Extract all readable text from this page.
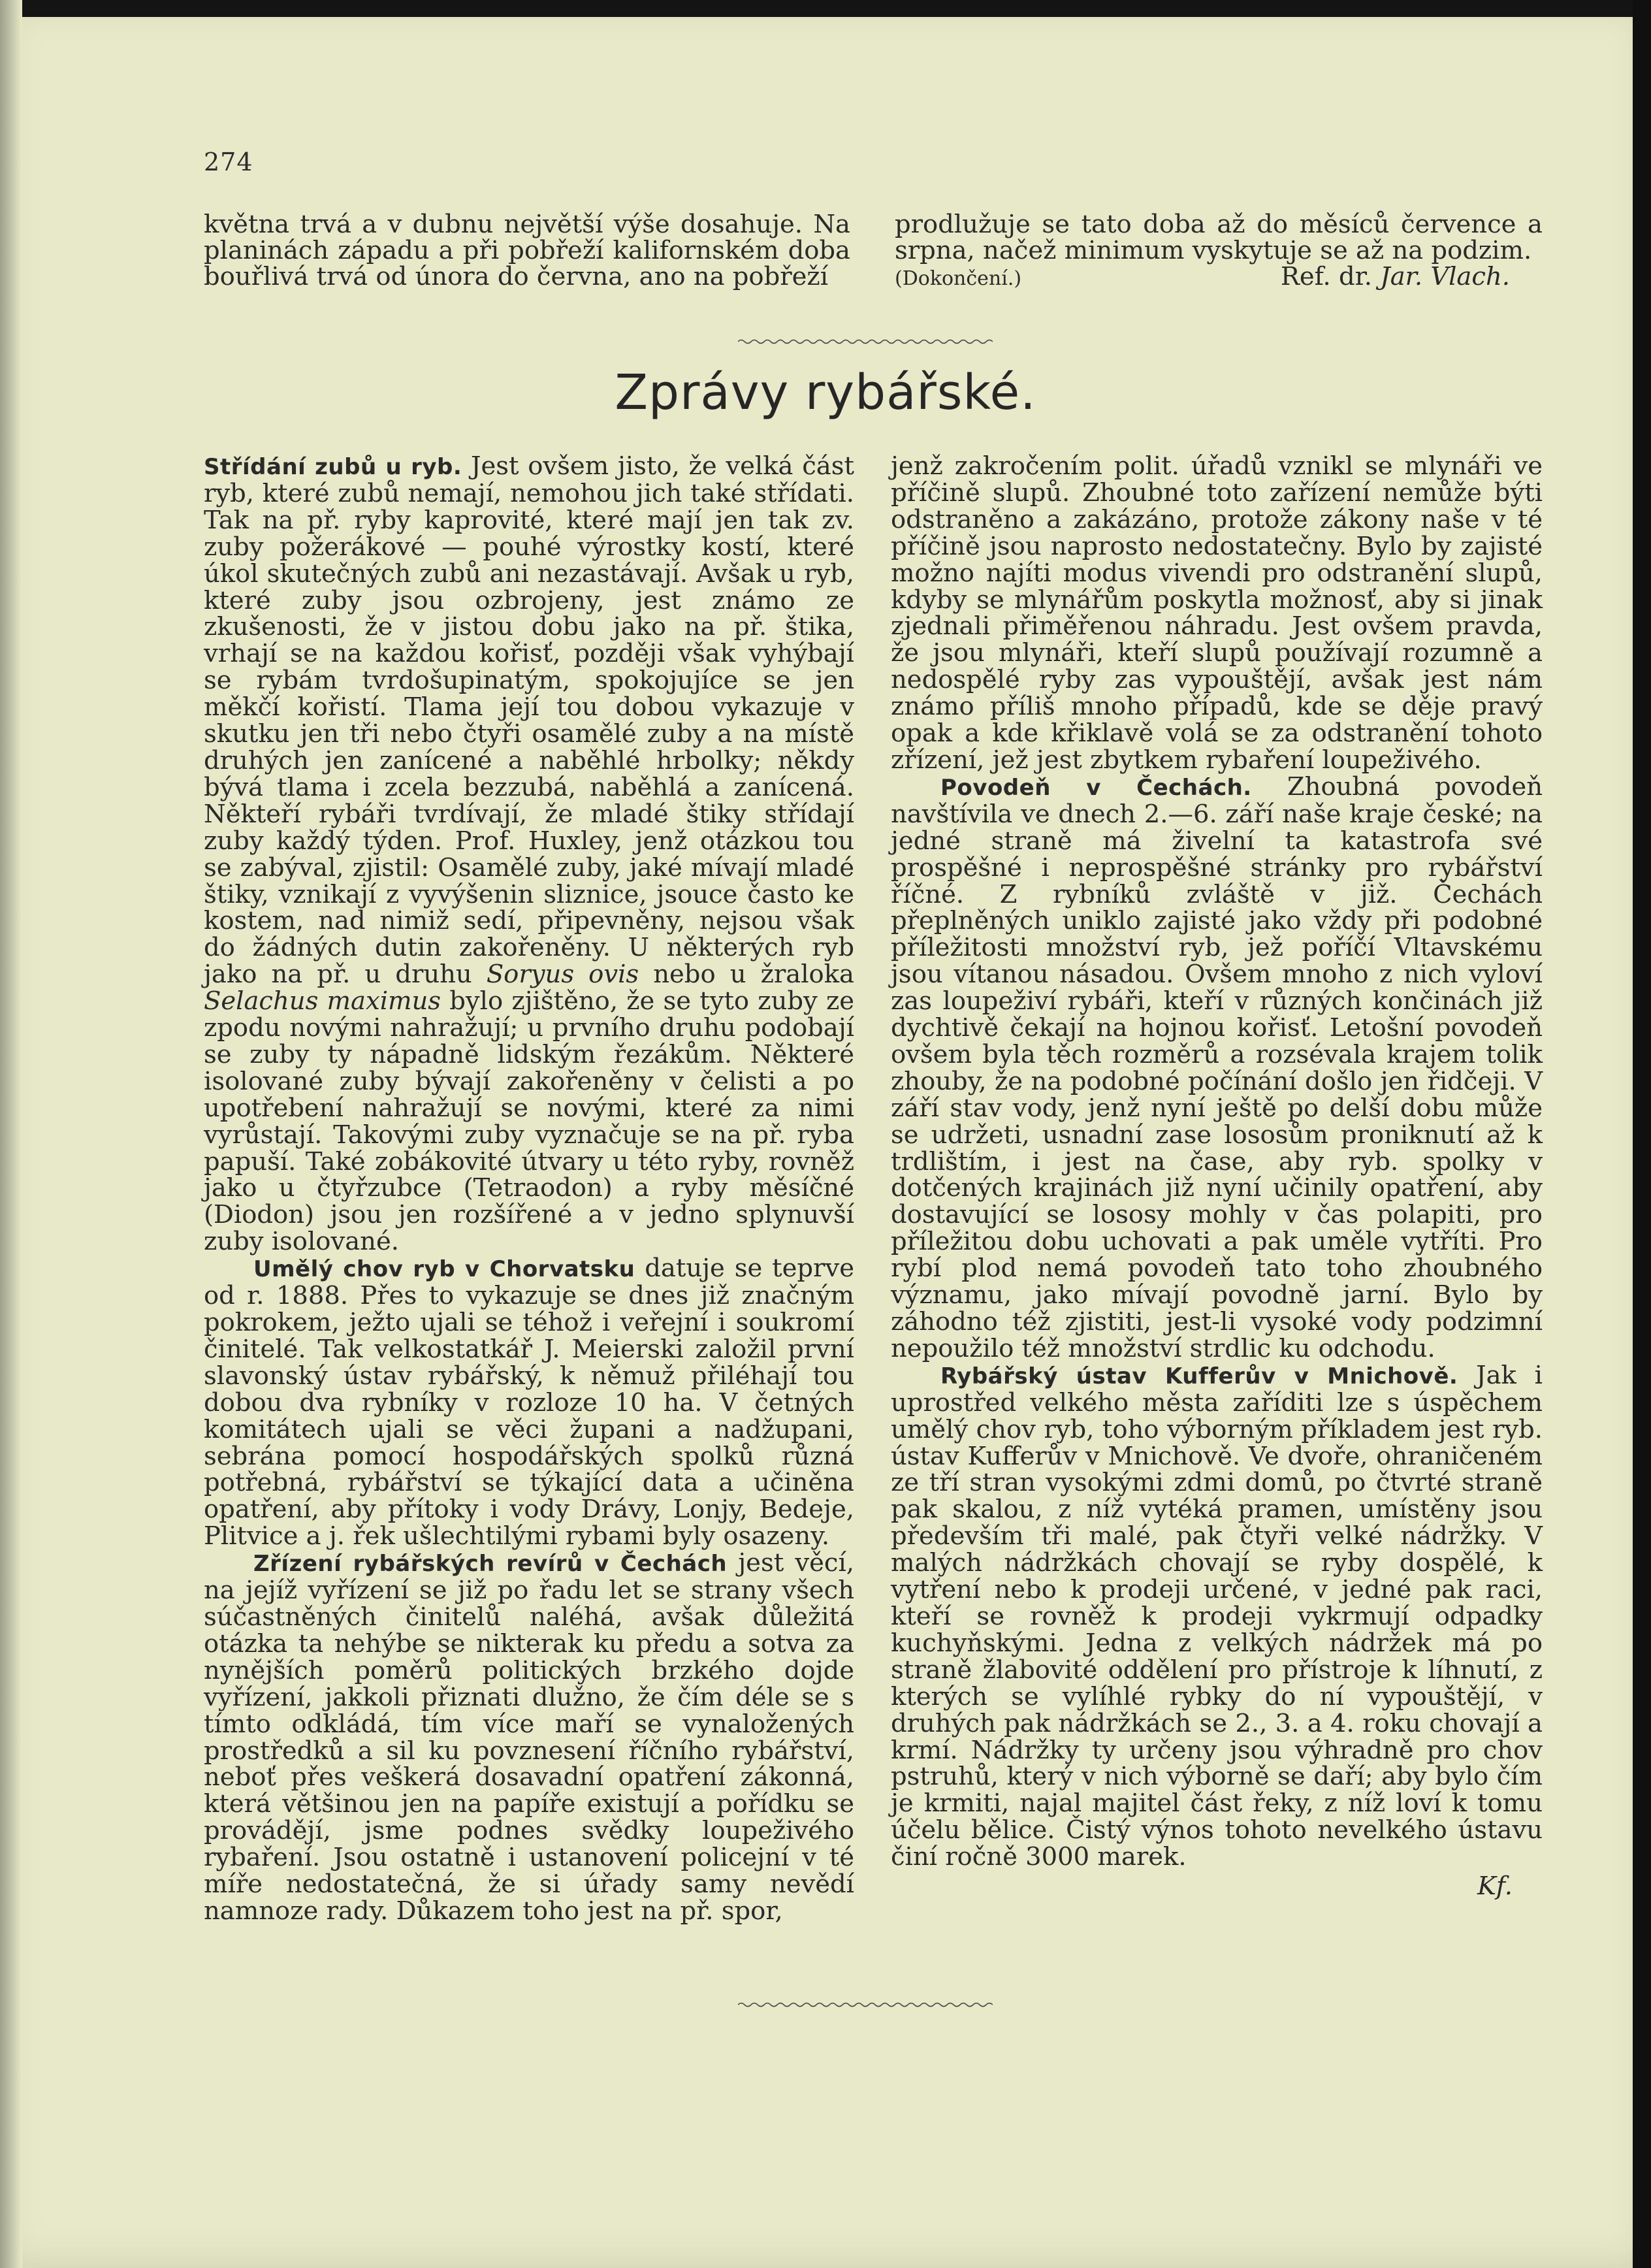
274

května trvá a v dubnu největší výše dosahuje. Na planinách západu a při pobřeží kalifornském doba bouřlivá trvá od února do června, ano na pobřeží

prodlužuje se tato doba až do měsíců července a srpna, načež minimum vyskytuje se až na podzim.

(Dokončení.)	Ref. dr. Jar. Vlach.
Zprávy rybářské.

Střídání zubů u ryb. Jest ovšem jisto, že velká část ryb, které zubů nemají, nemohou jich také střídati. Tak na př. ryby kaprovité, které mají jen tak zv. zuby požerákové — pouhé výrostky kostí, které úkol skutečných zubů ani nezastávají. Avšak u ryb, které zuby jsou ozbrojeny, jest známo ze zkušenosti, že v jistou dobu jako na př. štika, vrhají se na každou kořisť, později však vyhýbají se rybám tvrdošupinatým, spokojujíce se jen měkčí kořistí. Tlama její tou dobou vykazuje v skutku jen tři nebo čtyři osamělé zuby a na místě druhých jen zanícené a naběhlé hrbolky; někdy bývá tlama i zcela bezzubá, naběhlá a zanícená. Někteří rybáři tvrdívají, že mladé štiky střídají zuby každý týden. Prof. Huxley, jenž otázkou tou se zabýval, zjistil: Osamělé zuby, jaké mívají mladé štiky, vznikají z vyvýšenin sliznice, jsouce často ke kostem, nad nimiž sedí, připevněny, nejsou však do žádných dutin zakořeněny. U některých ryb jako na př. u druhu Soryus ovis nebo u žraloka Selachus maximus bylo zjištěno, že se tyto zuby ze zpodu novými nahražují; u prvního druhu podobají se zuby ty nápadně lidským řezákům. Některé isolované zuby bývají zakořeněny v čelisti a po upotřebení nahražují se novými, které za nimi vyrůstají. Takovými zuby vyznačuje se na př. ryba papuší. Také zobákovité útvary u této ryby, rovněž jako u čtyřzubce (Tetraodon) a ryby měsíčné (Diodon) jsou jen rozšířené a v jedno splynuvší zuby isolované.

Umělý chov ryb v Chorvatsku datuje se teprve od r. 1888. Přes to vykazuje se dnes již značným pokrokem, ježto ujali se téhož i veřejní i soukromí činitelé. Tak velkostatkář J. Meierski založil první slavonský ústav rybářský, k němuž přiléhají tou dobou dva rybníky v rozloze 10 ha. V četných komitátech ujali se věci županі a nadžupani, sebrána pomocí hospodářských spolků různá potřebná, rybářství se týkající data a učiněna opatření, aby přítoky i vody Drávy, Lonjy, Bedeje, Plitvice a j. řek ušlechtilými rybami byly osazeny.

Zřízení rybářských revírů v Čechách jest věcí, na jejíž vyřízení se již po řadu let se strany všech súčastněných činitelů naléhá, avšak důležitá otázka ta nehýbe se nikterak ku předu a sotva za nynějších poměrů politických brzkého dojde vyřízení, jakkoli přiznati dlužno, že čím déle se s tímto odkládá, tím více maří se vynaložených prostředků a sil ku povznesení říčního rybářství, neboť přes veškerá dosavadní opatření zákonná, která většinou jen na papíře existují a pořídku se provádějí, jsme podnes svědky loupeživého rybaření. Jsou ostatně i ustanovení policejní v té míře nedostatečná, že si úřady samy nevědí namnoze rady. Důkazem toho jest na př. spor,

jenž zakročením polit. úřadů vznikl se mlynáři ve příčině slupů. Zhoubné toto zařízení nemůže býti odstraněno a zakázáno, protože zákony naše v té příčině jsou naprosto nedostatečny. Bylo by zajisté možno najíti modus vivendi pro odstranění slupů, kdyby se mlynářům poskytla možnosť, aby si jinak zjednali přiměřenou náhradu. Jest ovšem pravda, že jsou mlynáři, kteří slupů používají rozumně a nedospělé ryby zas vypouštějí, avšak jest nám známo příliš mnoho případů, kde se děje pravý opak a kde křiklavě volá se za odstranění tohoto zřízení, jež jest zbytkem rybaření loupeživého.

Povodeň v Čechách. Zhoubná povodeň navštívila ve dnech 2.—6. září naše kraje české; na jedné straně má živelní ta katastrofa své prospěšné i neprospěšné stránky pro rybářství říčné. Z rybníků zvláště v již. Čechách přeplněných uniklo zajisté jako vždy při podobné příležitosti množství ryb, jež poříčí Vltavskému jsou vítanou násadou. Ovšem mnoho z nich vyloví zas loupeživí rybáři, kteří v různých končinách již dychtivě čekají na hojnou kořisť. Letošní povodeň ovšem byla těch rozměrů a rozsévala krajem tolik zhouby, že na podobné počínání došlo jen řidčeji. V září stav vody, jenž nyní ještě po delší dobu může se udržeti, usnadní zase lososům proniknutí až k trdlištím, i jest na čase, aby ryb. spolky v dotčených krajinách již nyní učinily opatření, aby dostavující se lososy mohly v čas polapiti, pro příležitou dobu uchovati a pak uměle vytříti. Pro rybí plod nemá povodeň tato toho zhoubného významu, jako mívají povodně jarní. Bylo by záhodno též zjistiti, jest-li vysoké vody podzimní nepoužilo též množství strdlic ku odchodu.

Rybářský ústav Kufferův v Mnichově. Jak i uprostřed velkého města zaříditi lze s úspěchem umělý chov ryb, toho výborným příkladem jest ryb. ústav Kufferův v Mnichově. Ve dvoře, ohraničeném ze tří stran vysokými zdmi domů, po čtvrté straně pak skalou, z níž vytéká pramen, umístěny jsou především tři malé, pak čtyři velké nádržky. V malých nádržkách chovají se ryby dospělé, k vytření nebo k prodeji určené, v jedné pak raci, kteří se rovněž k prodeji vykrmují odpadky kuchyňskými. Jedna z velkých nádržek má po straně žlabovité oddělení pro přístroje k líhnutí, z kterých se vylíhlé rybky do ní vypouštějí, v druhých pak nádržkách se 2., 3. a 4. roku chovají a krmí. Nádržky ty určeny jsou výhradně pro chov pstruhů, který v nich výborně se daří; aby bylo čím je krmiti, najal majitel část řeky, z níž loví k tomu účelu bělice. Čistý výnos tohoto nevelkého ústavu činí ročně 3000 marek.

Kf.
